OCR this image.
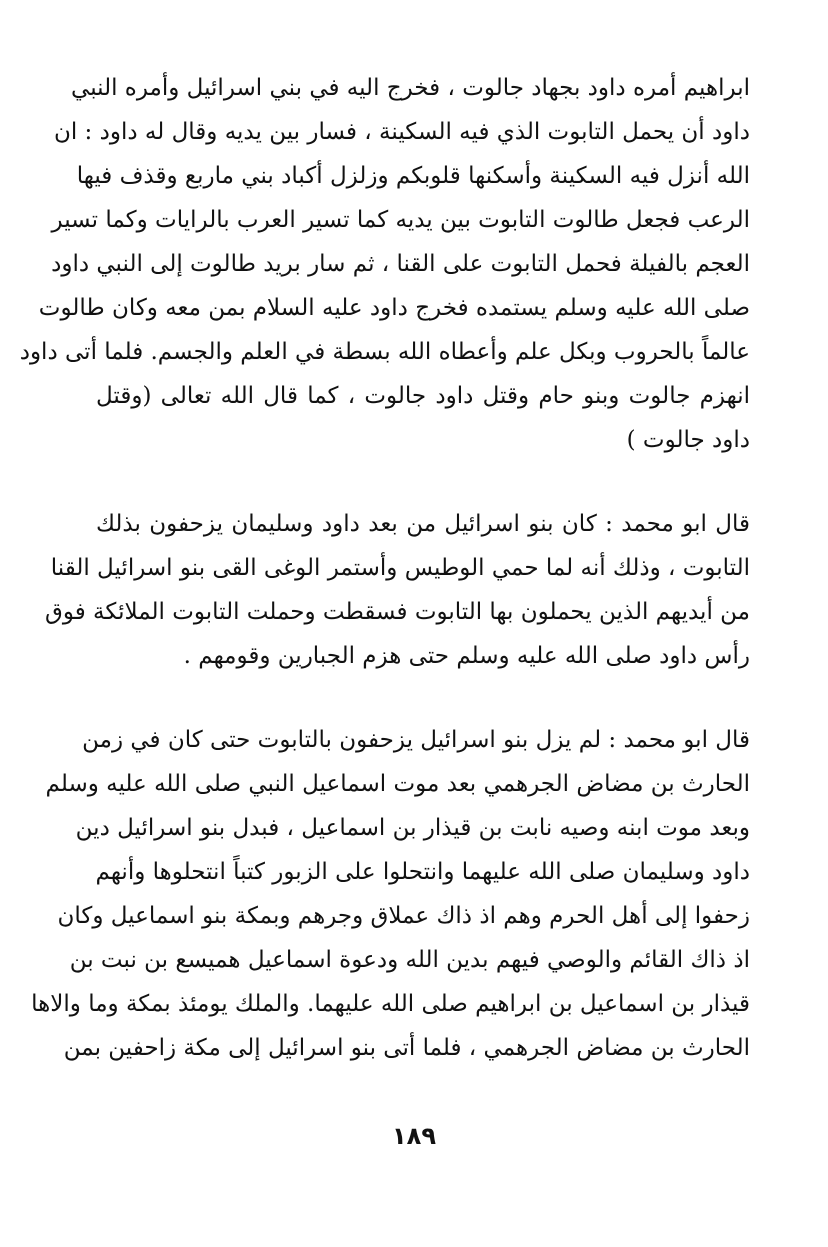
ابراهيم أمره داود بجهاد جالوت ، فخرج اليه في بني اسرائيل وأمره النبي
داود أن يحمل التابوت الذي فيه السكينة ، فسار بين يديه وقال له داود : ان
الله أنزل فيه السكينة وأسكنها قلوبكم وزلزل أكباد بني ماربع وقذف فيها
الرعب فجعل طالوت التابوت بين يديه كما تسير العرب بالرايات وكما تسير
العجم بالفيلة فحمل التابوت على القنا ، ثم سار بريد طالوت إلى النبي داود
صلى الله عليه وسلم يستمده فخرج داود عليه السلام بمن معه وكان طالوت
عالماً بالحروب وبكل علم وأعطاه الله بسطة في العلم والجسم. فلما أتى داود
انهزم جالوت وبنو حام وقتل داود جالوت ، كما قال الله تعالى (وقتل
داود جالوت )
قال ابو محمد : كان بنو اسرائيل من بعد داود وسليمان يزحفون بذلك
التابوت ، وذلك أنه لما حمي الوطيس وأستمر الوغى القى بنو اسرائيل القنا
من أيديهم الذين يحملون بها التابوت فسقطت وحملت التابوت الملائكة فوق
رأس داود صلى الله عليه وسلم حتى هزم الجبارين وقومهم .
قال ابو محمد : لم يزل بنو اسرائيل يزحفون بالتابوت حتى كان في زمن
الحارث بن مضاض الجرهمي بعد موت اسماعيل النبي صلى الله عليه وسلم
وبعد موت ابنه وصيه نابت بن قيذار بن اسماعيل ، فبدل بنو اسرائيل دين
داود وسليمان صلى الله عليهما وانتحلوا على الزبور كتباً انتحلوها وأنهم
زحفوا إلى أهل الحرم وهم اذ ذاك عملاق وجرهم وبمكة بنو اسماعيل وكان
اذ ذاك القائم والوصي فيهم بدين الله ودعوة اسماعيل هميسع بن نبت بن
قيذار بن اسماعيل بن ابراهيم صلى الله عليهما. والملك يومئذ بمكة وما والاها
الحارث بن مضاض الجرهمي ، فلما أتى بنو اسرائيل إلى مكة زاحفين بمن
١٨٩
